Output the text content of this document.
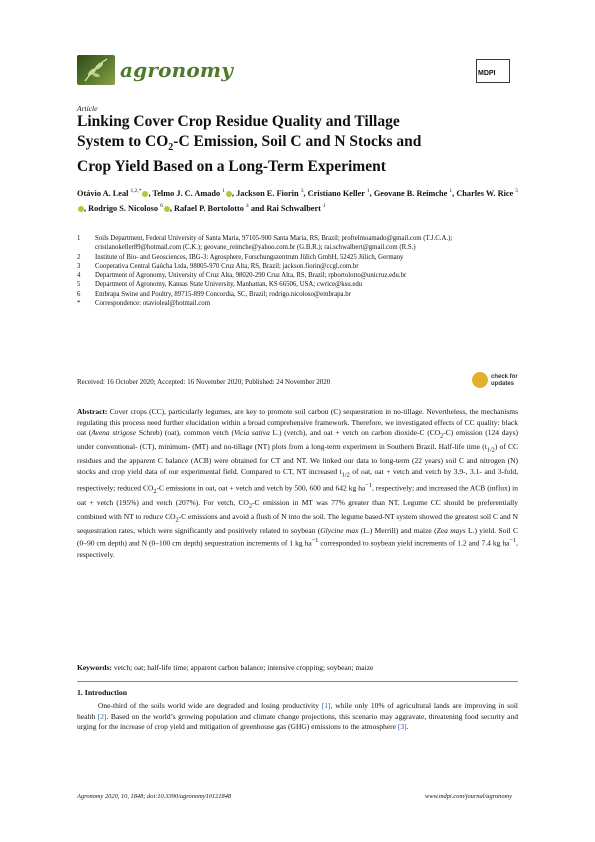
agronomy	MDPI
Article
Linking Cover Crop Residue Quality and Tillage
System to $CO_2-C$ Emission, Soil C and N Stocks and
Crop Yield Based on a Long-Term Experiment
Otávio A. Leal $^{1,2,*}$ , Telmo J. C. Amado $^1$ , Jackson E. Fiorin $^3$, Cristiano Keller $^1$, Geovane B. Reimche $^1$, Charles W. Rice $^5$, Rodrigo S. Nicoloso $^6$ , Rafael P. Bortolotto $^4$ and Rai Schwalbert $^1$
1	Soils Department, Federal University of Santa Maria, 97105-900 Santa Maria, RS, Brazil; proftelmoamado@gmail.com (T.J.C.A.); cristianokeller89@hotmail.com (C.K.); geovane_reimche@yahoo.com.br (G.B.R.); rai.schwalbert@gmail.com (R.S.)
2	Institute of Bio- and Geosciences, IBG-3: Agrosphere, Forschungszentrum Jülich GmbH, 52425 Jülich, Germany
3	Cooperativa Central Gaúcha Ltda, 98005-970 Cruz Alta, RS, Brazil; jackson.fiorin@ccgl.com.br
4	Department of Agronomy, University of Cruz Alta, 98020-290 Cruz Alta, RS, Brazil; rpbortolotto@unicruz.edu.br
5	Department of Agronomy, Kansas State University, Manhattan, KS 66506, USA; cwrice@ksu.edu
6	Embrapa Swine and Poultry, 89715-899 Concordia, SC, Brazil; rodrigo.nicoloso@embrapa.br
*	Correspondence: otavioleal@hotmail.com
Received: 16 October 2020; Accepted: 16 November 2020; Published: 24 November 2020
check for
updates
Abstract: Cover crops (CC), particularly legumes, are key to promote soil carbon (C) sequestration in no-tillage. Nevertheless, the mechanisms regulating this process need further elucidation within a broad comprehensive framework. Therefore, we investigated effects of CC quality: black oat (Avena strigose Schreb) (oat), common vetch (Vicia sativa L.) (vetch), and oat + vetch on carbon dioxide-C $(CO_2-C)$ emission (124 days) under conventional- (CT), minimum- (MT) and no-tillage (NT) plots from a long-term experiment in Southern Brazil. Half-life time $(t_{1/2})$ of CC residues and the apparent C balance (ACB) were obtained for CT and NT. We linked our data to long-term (22 years) soil C and nitrogen (N) stocks and crop yield data of our experimental field. Compared to CT, NT increased $t_{1/2}$ of oat, oat + vetch and vetch by 3.9-, 3.1- and 3-fold, respectively; reduced $CO_2-C$ emissions in oat, oat + vetch and vetch by 500, 600 and 642 kg $ha^{-1}$, respectively; and increased the ACB (influx) in oat + vetch (195%) and vetch (207%). For vetch, $CO_2-C$ emission in MT was 77% greater than NT. Legume CC should be preferentially combined with NT to reduce $CO_2-C$ emissions and avoid a flush of N into the soil. The legume based-NT system showed the greatest soil C and N sequestration rates, which were significantly and positively related to soybean (Glycine max (L.) Merrill) and maize (Zea mays L.) yield. Soil C (0–90 cm depth) and N (0–100 cm depth) sequestration increments of 1 kg $ha^{-1}$ corresponded to soybean yield increments of 1.2 and 7.4 kg $ha^{-1}$, respectively.
Keywords: vetch; oat; half-life time; apparent carbon balance; intensive cropping; soybean; maize
1. Introduction
One-third of the soils world wide are degraded and losing productivity [1], while only 10% of agricultural lands are improving in soil health [2]. Based on the world’s growing population and climate change projections, this scenario may aggravate, threatening food security and urging for the increase of crop yield and mitigation of greenhouse gas (GHG) emissions to the atmosphere [3].
Agronomy 2020, 10, 1848; doi:10.3390/agronomy10121848	www.mdpi.com/journal/agronomy
